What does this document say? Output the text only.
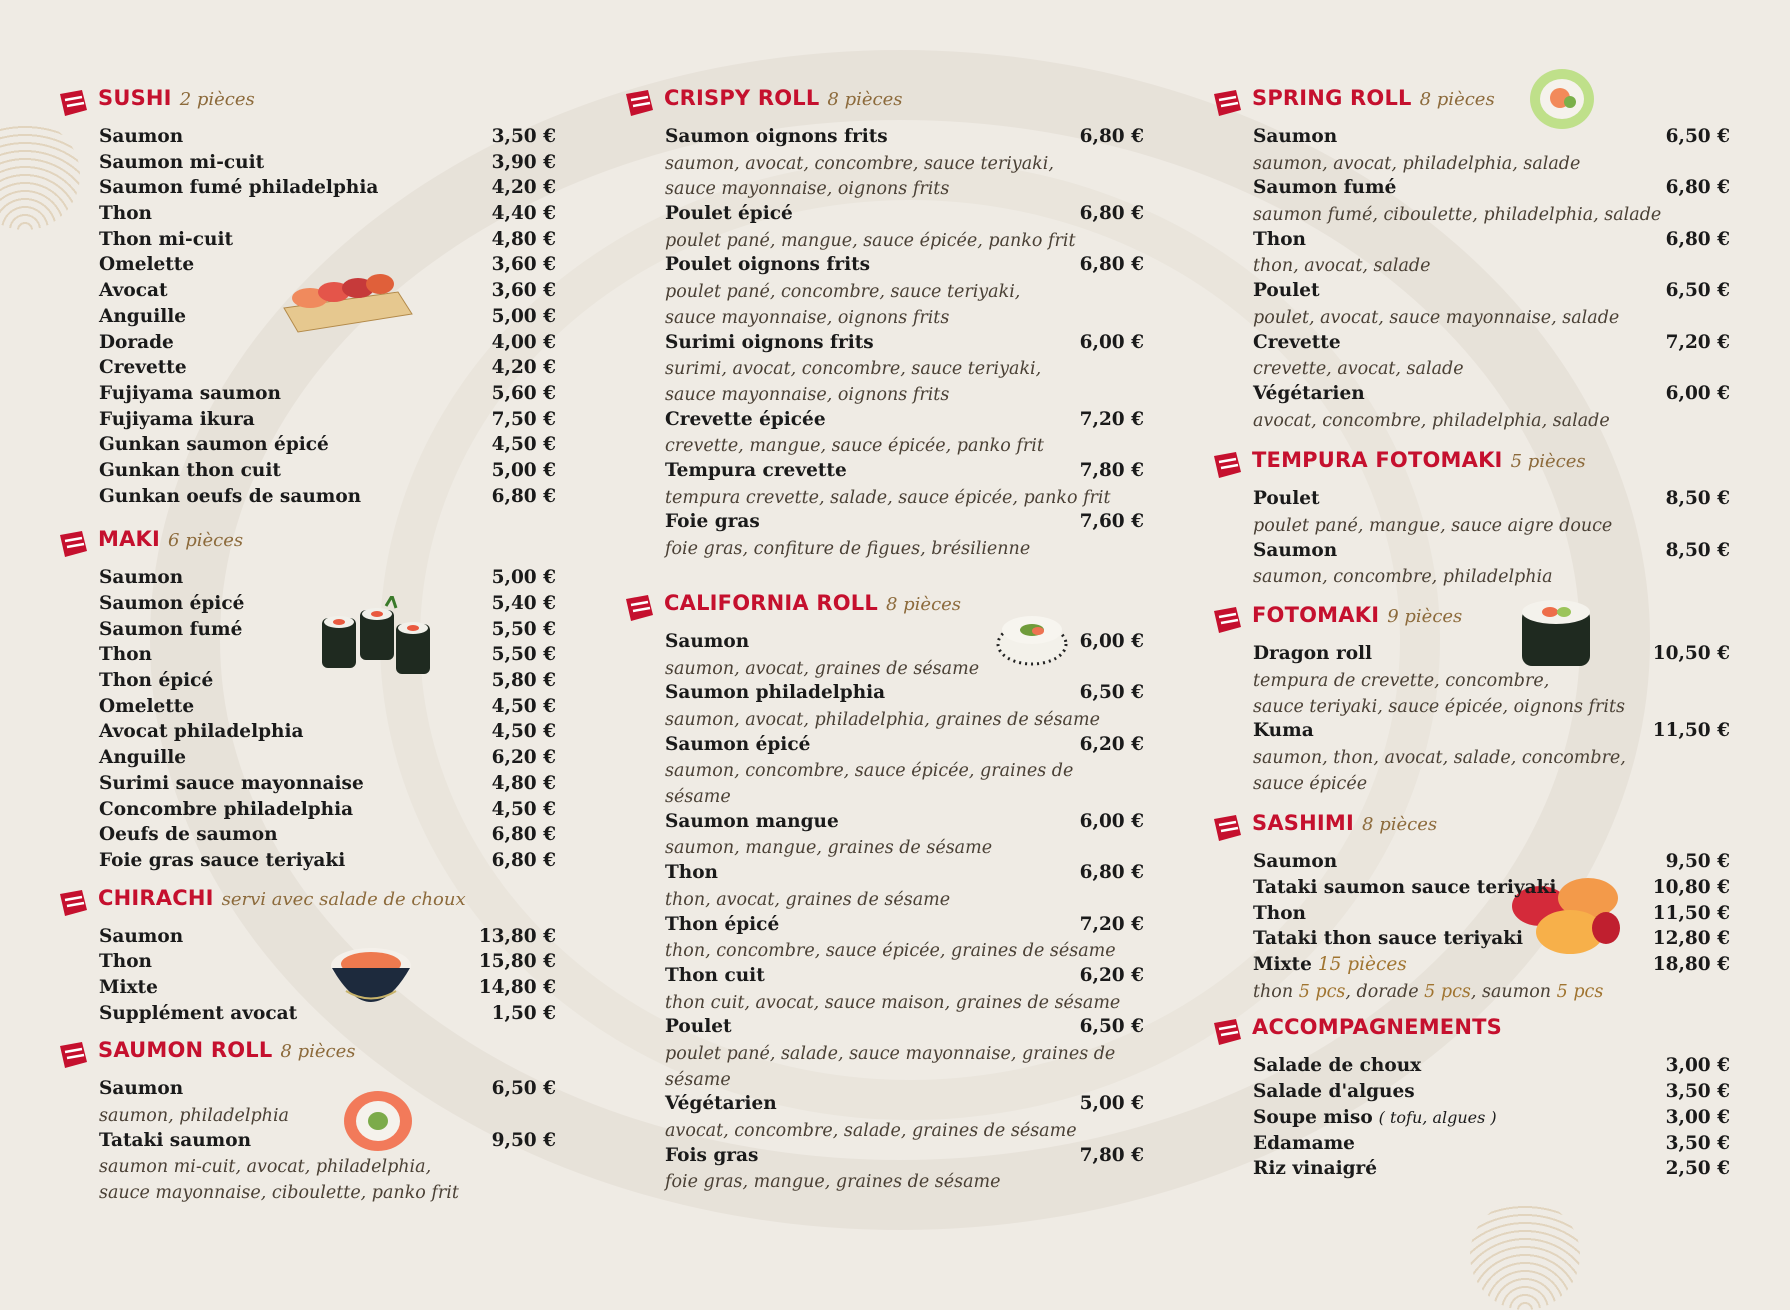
SUSHI 2 pièces
Saumon	3,50 €
Saumon mi-cuit	3,90 €
Saumon fumé philadelphia	4,20 €
Thon	4,40 €
Thon mi-cuit	4,80 €
Omelette	3,60 €
Avocat	3,60 €
Anguille	5,00 €
Dorade	4,00 €
Crevette	4,20 €
Fujiyama saumon	5,60 €
Fujiyama ikura	7,50 €
Gunkan saumon épicé	4,50 €
Gunkan thon cuit	5,00 €
Gunkan oeufs de saumon	6,80 €
MAKI 6 pièces
Saumon	5,00 €
Saumon épicé	5,40 €
Saumon fumé	5,50 €
Thon	5,50 €
Thon épicé	5,80 €
Omelette	4,50 €
Avocat philadelphia	4,50 €
Anguille	6,20 €
Surimi sauce mayonnaise	4,80 €
Concombre philadelphia	4,50 €
Oeufs de saumon	6,80 €
Foie gras sauce teriyaki	6,80 €
CHIRACHI servi avec salade de choux
Saumon	13,80 €
Thon	15,80 €
Mixte	14,80 €
Supplément avocat	1,50 €
SAUMON ROLL 8 pièces
Saumon	6,50 €
saumon, philadelphia
Tataki saumon	9,50 €
saumon mi-cuit, avocat, philadelphia,
sauce mayonnaise, ciboulette, panko frit
CRISPY ROLL 8 pièces
Saumon oignons frits	6,80 €
saumon, avocat, concombre, sauce teriyaki,
sauce mayonnaise, oignons frits
Poulet épicé	6,80 €
poulet pané, mangue, sauce épicée, panko frit
Poulet oignons frits	6,80 €
poulet pané, concombre, sauce teriyaki,
sauce mayonnaise, oignons frits
Surimi oignons frits	6,00 €
surimi, avocat, concombre, sauce teriyaki,
sauce mayonnaise, oignons frits
Crevette épicée	7,20 €
crevette, mangue, sauce épicée, panko frit
Tempura crevette	7,80 €
tempura crevette, salade, sauce épicée, panko frit
Foie gras	7,60 €
foie gras, confiture de figues, brésilienne
CALIFORNIA ROLL 8 pièces
Saumon	6,00 €
saumon, avocat, graines de sésame
Saumon philadelphia	6,50 €
saumon, avocat, philadelphia, graines de sésame
Saumon épicé	6,20 €
saumon, concombre, sauce épicée, graines de sésame
Saumon mangue	6,00 €
saumon, mangue, graines de sésame
Thon	6,80 €
thon, avocat, graines de sésame
Thon épicé	7,20 €
thon, concombre, sauce épicée, graines de sésame
Thon cuit	6,20 €
thon cuit, avocat, sauce maison, graines de sésame
Poulet	6,50 €
poulet pané, salade, sauce mayonnaise, graines de
sésame
Végétarien	5,00 €
avocat, concombre, salade, graines de sésame
Fois gras	7,80 €
foie gras, mangue, graines de sésame
SPRING ROLL 8 pièces
Saumon	6,50 €
saumon, avocat, philadelphia, salade
Saumon fumé	6,80 €
saumon fumé, ciboulette, philadelphia, salade
Thon	6,80 €
thon, avocat, salade
Poulet	6,50 €
poulet, avocat, sauce mayonnaise, salade
Crevette	7,20 €
crevette, avocat, salade
Végétarien	6,00 €
avocat, concombre, philadelphia, salade
TEMPURA FOTOMAKI 5 pièces
Poulet	8,50 €
poulet pané, mangue, sauce aigre douce
Saumon	8,50 €
saumon, concombre, philadelphia
FOTOMAKI 9 pièces
Dragon roll	10,50 €
tempura de crevette, concombre,
sauce teriyaki, sauce épicée, oignons frits
Kuma	11,50 €
saumon, thon, avocat, salade, concombre,
sauce épicée
SASHIMI 8 pièces
Saumon	9,50 €
Tataki saumon sauce teriyaki	10,80 €
Thon	11,50 €
Tataki thon sauce teriyaki	12,80 €
Mixte 15 pièces	18,80 €
thon 5 pcs, dorade 5 pcs, saumon 5 pcs
ACCOMPAGNEMENTS
Salade de choux	3,00 €
Salade d'algues	3,50 €
Soupe miso ( tofu, algues )	3,00 €
Edamame	3,50 €
Riz vinaigré	2,50 €
